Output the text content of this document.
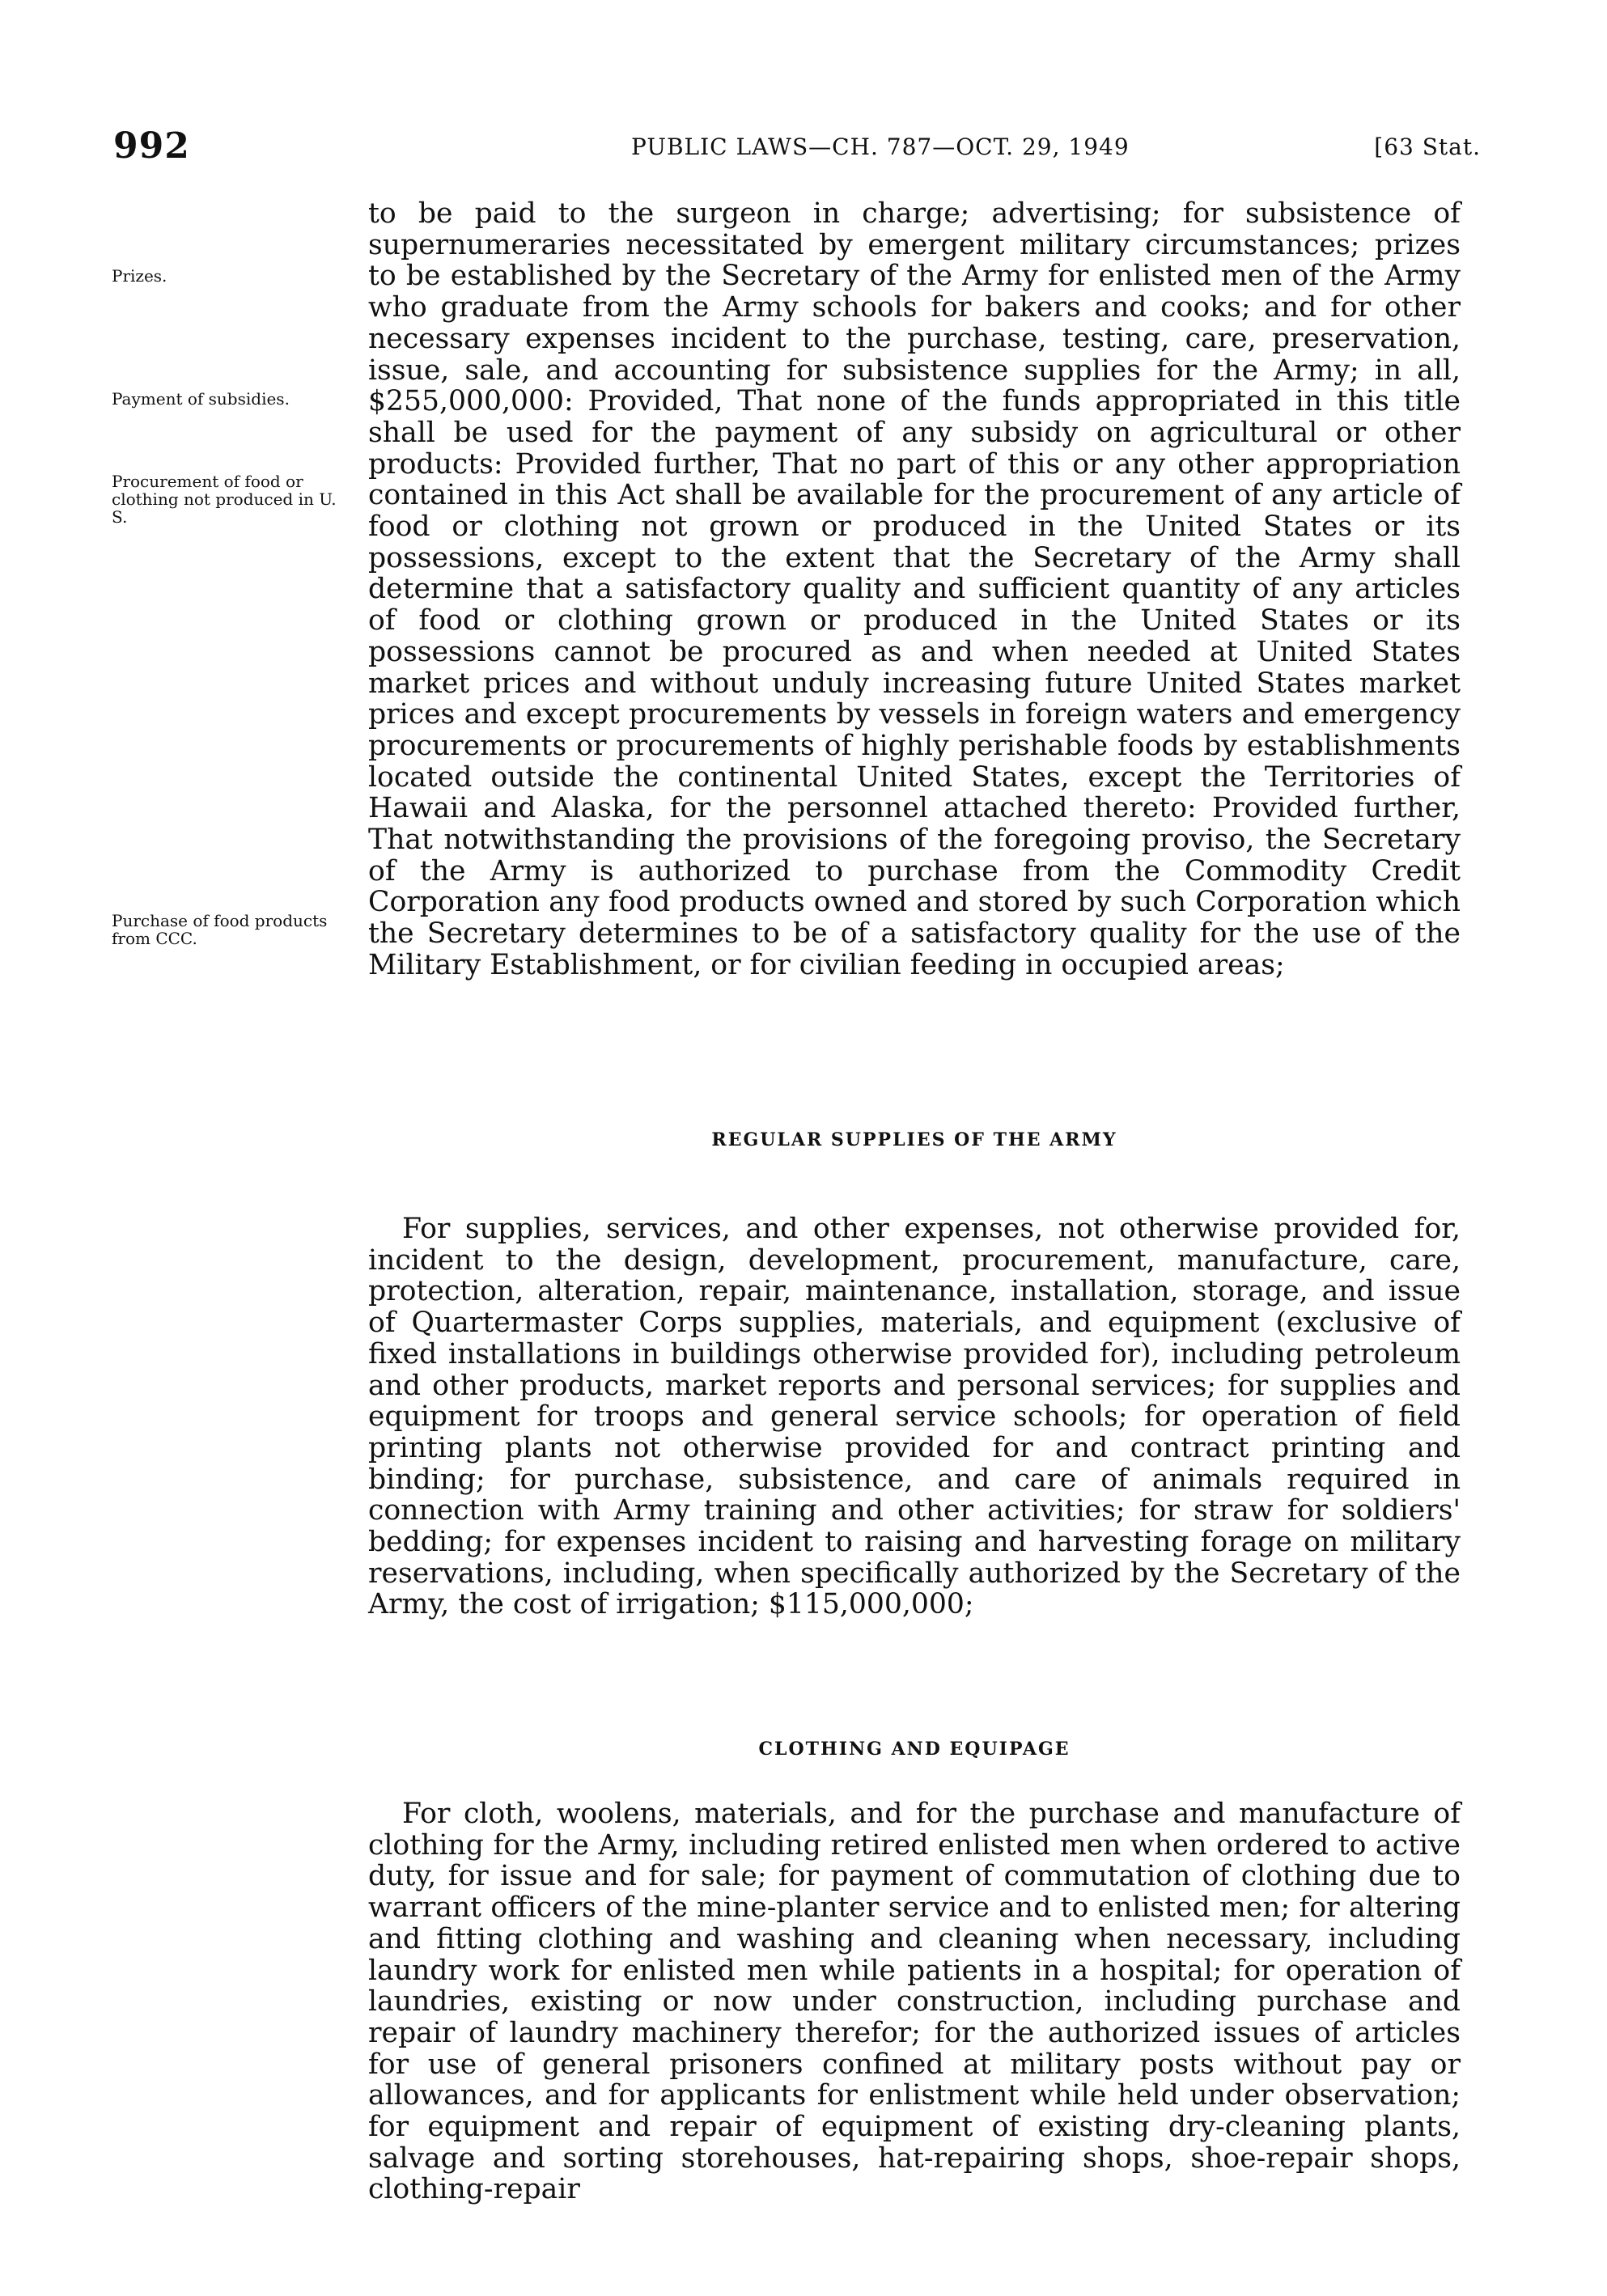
992	PUBLIC LAWS—CH. 787—OCT. 29, 1949	[63 Stat.
Prizes.
Payment of subsidies.
Procurement of food or clothing not produced in U. S.
Purchase of food products from CCC.

to be paid to the surgeon in charge; advertising; for subsistence of supernumeraries necessitated by emergent military circumstances; prizes to be established by the Secretary of the Army for enlisted men of the Army who graduate from the Army schools for bakers and cooks; and for other necessary expenses incident to the purchase, testing, care, preservation, issue, sale, and accounting for subsistence supplies for the Army; in all, $255,000,000: Provided, That none of the funds appropriated in this title shall be used for the payment of any subsidy on agricultural or other products: Provided further, That no part of this or any other appropriation contained in this Act shall be available for the procurement of any article of food or clothing not grown or produced in the United States or its possessions, except to the extent that the Secretary of the Army shall determine that a satisfactory quality and sufficient quantity of any articles of food or clothing grown or produced in the United States or its possessions cannot be procured as and when needed at United States market prices and without unduly increasing future United States market prices and except procurements by vessels in foreign waters and emergency procurements or procurements of highly perishable foods by establishments located outside the continental United States, except the Territories of Hawaii and Alaska, for the personnel attached thereto: Provided further, That notwithstanding the provisions of the foregoing proviso, the Secretary of the Army is authorized to purchase from the Commodity Credit Corporation any food products owned and stored by such Corporation which the Secretary determines to be of a satisfactory quality for the use of the Military Establishment, or for civilian feeding in occupied areas;

REGULAR SUPPLIES OF THE ARMY

For supplies, services, and other expenses, not otherwise provided for, incident to the design, development, procurement, manufacture, care, protection, alteration, repair, maintenance, installation, storage, and issue of Quartermaster Corps supplies, materials, and equipment (exclusive of fixed installations in buildings otherwise provided for), including petroleum and other products, market reports and personal services; for supplies and equipment for troops and general service schools; for operation of field printing plants not otherwise provided for and contract printing and binding; for purchase, subsistence, and care of animals required in connection with Army training and other activities; for straw for soldiers' bedding; for expenses incident to raising and harvesting forage on military reservations, including, when specifically authorized by the Secretary of the Army, the cost of irrigation; $115,000,000;

CLOTHING AND EQUIPAGE

For cloth, woolens, materials, and for the purchase and manufacture of clothing for the Army, including retired enlisted men when ordered to active duty, for issue and for sale; for payment of commutation of clothing due to warrant officers of the mine-planter service and to enlisted men; for altering and fitting clothing and washing and cleaning when necessary, including laundry work for enlisted men while patients in a hospital; for operation of laundries, existing or now under construction, including purchase and repair of laundry machinery therefor; for the authorized issues of articles for use of general prisoners confined at military posts without pay or allowances, and for applicants for enlistment while held under observation; for equipment and repair of equipment of existing dry-cleaning plants, salvage and sorting storehouses, hat-repairing shops, shoe-repair shops, clothing-repair
